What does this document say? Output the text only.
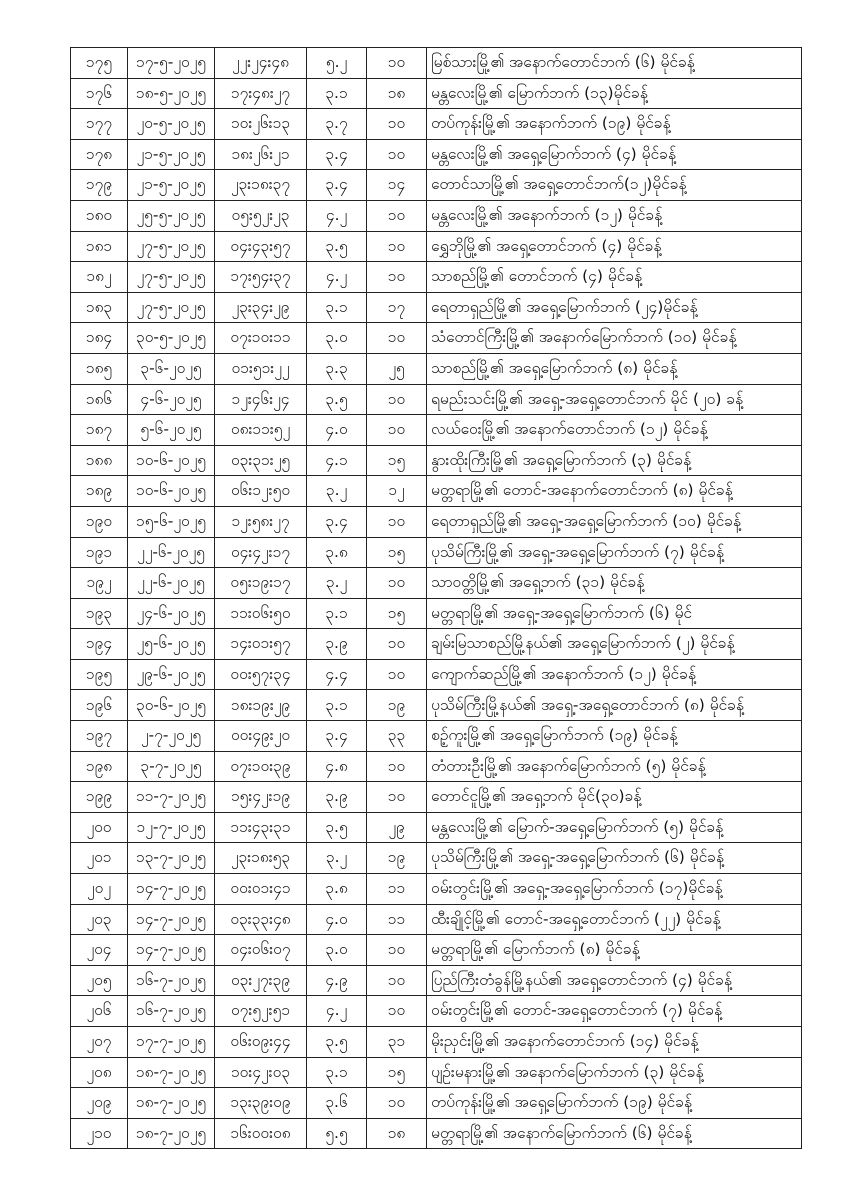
၁၇၅	၁၇-၅-၂၀၂၅	၂၂း၂၄း၄၈	၅.၂	၁၀	မြစ်သားမြို့၏ အနောက်တောင်ဘက် (၆) မိုင်ခန့်
၁၇၆	၁၈-၅-၂၀၂၅	၁၇း၄၈း၂၇	၃.၁	၁၈	မန္တလေးမြို့၏ မြောက်ဘက် (၁၃)မိုင်ခန့်
၁၇၇	၂၀-၅-၂၀၂၅	၁၀း၂၆း၁၃	၃.၇	၁၀	တပ်ကုန်းမြို့၏ အနောက်ဘက် (၁၉) မိုင်ခန့်
၁၇၈	၂၁-၅-၂၀၂၅	၁၈း၂၆း၂၁	၃.၄	၁၀	မန္တလေးမြို့၏ အရှေ့မြောက်ဘက် (၄) မိုင်ခန့်
၁၇၉	၂၁-၅-၂၀၂၅	၂၃း၁၈း၃၇	၃.၄	၁၄	တောင်သာမြို့၏ အရှေ့တောင်ဘက်(၁၂)မိုင်ခန့်
၁၈၀	၂၅-၅-၂၀၂၅	၀၅း၅၂း၂၃	၄.၂	၁၀	မန္တလေးမြို့၏ အနောက်ဘက် (၁၂) မိုင်ခန့်
၁၈၁	၂၇-၅-၂၀၂၅	၀၄း၄၃း၅၇	၃.၅	၁၀	ရွှေဘိုမြို့၏ အရှေ့တောင်ဘက် (၄) မိုင်ခန့်
၁၈၂	၂၇-၅-၂၀၂၅	၁၇း၅၄း၃၇	၄.၂	၁၀	သာစည်မြို့၏ တောင်ဘက် (၄) မိုင်ခန့်
၁၈၃	၂၇-၅-၂၀၂၅	၂၃း၃၄း၂၉	၃.၁	၁၇	ရေတာရှည်မြို့၏ အရှေ့မြောက်ဘက် (၂၄)မိုင်ခန့်
၁၈၄	၃၀-၅-၂၀၂၅	၀၇း၁၀း၁၁	၃.၀	၁၀	သံတောင်ကြီးမြို့၏ အနောက်မြောက်ဘက် (၁၀) မိုင်ခန့်
၁၈၅	၃-၆-၂၀၂၅	၀၁း၅၁း၂၂	၃.၃	၂၅	သာစည်မြို့၏ အရှေ့မြောက်ဘက် (၈) မိုင်ခန့်
၁၈၆	၄-၆-၂၀၂၅	၁၂း၄၆း၂၄	၃.၅	၁၀	ရမည်းသင်းမြို့၏ အရှေ့-အရှေ့တောင်ဘက် မိုင် (၂၀) ခန့်
၁၈၇	၅-၆-၂၀၂၅	၀၈း၁၁း၅၂	၄.၀	၁၀	လယ်ဝေးမြို့၏ အနောက်တောင်ဘက် (၁၂) မိုင်ခန့်
၁၈၈	၁၀-၆-၂၀၂၅	၀၃း၃၁း၂၅	၄.၁	၁၅	နွားထိုးကြီးမြို့၏ အရှေ့မြောက်ဘက် (၃) မိုင်ခန့်
၁၈၉	၁၀-၆-၂၀၂၅	၀၆း၁၂း၅၀	၃.၂	၁၂	မတ္တရာမြို့၏ တောင်-အနောက်တောင်ဘက် (၈) မိုင်ခန့်
၁၉၀	၁၅-၆-၂၀၂၅	၁၂း၅၈း၂၇	၃.၄	၁၀	ရေတာရှည်မြို့၏ အရှေ့-အရှေ့မြောက်ဘက် (၁၀) မိုင်ခန့်
၁၉၁	၂၂-၆-၂၀၂၅	၀၄း၄၂း၁၇	၃.၈	၁၅	ပုသိမ်ကြီးမြို့၏ အရှေ့-အရှေ့မြောက်ဘက် (၇) မိုင်ခန့်
၁၉၂	၂၂-၆-၂၀၂၅	၀၅း၁၉း၁၇	၃.၂	၁၀	သာဝတ္တိမြို့၏ အရှေ့ဘက် (၃၁) မိုင်ခန့်
၁၉၃	၂၄-၆-၂၀၂၅	၁၁း၀၆း၅၀	၃.၁	၁၅	မတ္တရာမြို့၏ အရှေ့-အရှေ့မြောက်ဘက် (၆) မိုင်
၁၉၄	၂၅-၆-၂၀၂၅	၁၄း၀၁း၅၇	၃.၉	၁၀	ချမ်းမြသာစည်မြို့နယ်၏ အရှေ့မြောက်ဘက် (၂) မိုင်ခန့်
၁၉၅	၂၉-၆-၂၀၂၅	၀၀း၅၇း၃၄	၄.၄	၁၀	ကျောက်ဆည်မြို့၏ အနောက်ဘက် (၁၂) မိုင်ခန့်
၁၉၆	၃၀-၆-၂၀၂၅	၁၈း၁၉း၂၉	၃.၁	၁၉	ပုသိမ်ကြီးမြို့နယ်၏ အရှေ့-အရှေ့တောင်ဘက် (၈) မိုင်ခန့်
၁၉၇	၂-၇-၂၀၂၅	၀၀း၄၉း၂၀	၃.၄	၃၃	စဥ့်ကူးမြို့၏ အရှေ့မြောက်ဘက် (၁၉) မိုင်ခန့်
၁၉၈	၃-၇-၂၀၂၅	၀၇း၁၀း၃၉	၄.၈	၁၀	တံတားဦးမြို့၏ အနောက်မြောက်ဘက် (၅) မိုင်ခန့်
၁၉၉	၁၁-၇-၂၀၂၅	၁၅း၄၂း၁၉	၃.၉	၁၀	တောင်ငူမြို့၏ အရှေ့ဘက် မိုင်(၃၀)ခန့်
၂၀၀	၁၂-၇-၂၀၂၅	၁၁း၄၃း၃၁	၃.၅	၂၉	မန္တလေးမြို့၏ မြောက်-အရှေ့မြောက်ဘက် (၅) မိုင်ခန့်
၂၀၁	၁၃-၇-၂၀၂၅	၂၃း၁၈း၅၃	၃.၂	၁၉	ပုသိမ်ကြီးမြို့၏ အရှေ့-အရှေ့မြောက်ဘက် (၆) မိုင်ခန့်
၂၀၂	၁၄-၇-၂၀၂၅	၀၀း၀၁း၄၁	၃.၈	၁၁	ဝမ်းတွင်းမြို့၏ အရှေ့-အရှေ့မြောက်ဘက် (၁၇)မိုင်ခန့်
၂၀၃	၁၄-၇-၂၀၂၅	၀၃း၃၃း၄၈	၄.၀	၁၁	ထီးချိုင့်မြို့၏ တောင်-အရှေ့တောင်ဘက် (၂၂) မိုင်ခန့်
၂၀၄	၁၄-၇-၂၀၂၅	၀၄း၀၆း၀၇	၃.၀	၁၀	မတ္တရာမြို့၏ မြောက်ဘက် (၈) မိုင်ခန့်
၂၀၅	၁၆-၇-၂၀၂၅	၀၃း၂၇း၃၉	၄.၉	၁၀	ပြည်ကြီးတံခွန်မြို့နယ်၏ အရှေ့တောင်ဘက် (၄) မိုင်ခန့်
၂၀၆	၁၆-၇-၂၀၂၅	၀၇း၅၂း၅၁	၄.၂	၁၀	ဝမ်းတွင်းမြို့၏ တောင်-အရှေ့တောင်ဘက် (၇) မိုင်ခန့်
၂၀၇	၁၇-၇-၂၀၂၅	၀၆း၀၉း၄၄	၃.၅	၃၁	မိုးညှင်းမြို့၏ အနောက်တောင်ဘက် (၁၄) မိုင်ခန့်
၂၀၈	၁၈-၇-၂၀၂၅	၁၀း၄၂း၀၃	၃.၁	၁၅	ပျဉ်းမနားမြို့၏ အနောက်မြောက်ဘက် (၃) မိုင်ခန့်
၂၀၉	၁၈-၇-၂၀၂၅	၁၃း၃၉း၀၉	၃.၆	၁၀	တပ်ကုန်းမြို့၏ အရှေ့မြောက်ဘက် (၁၉) မိုင်ခန့်
၂၁၀	၁၈-၇-၂၀၂၅	၁၆း၀၀း၀၈	၅.၅	၁၈	မတ္တရာမြို့၏ အနောက်မြောက်ဘက် (၆) မိုင်ခန့်
